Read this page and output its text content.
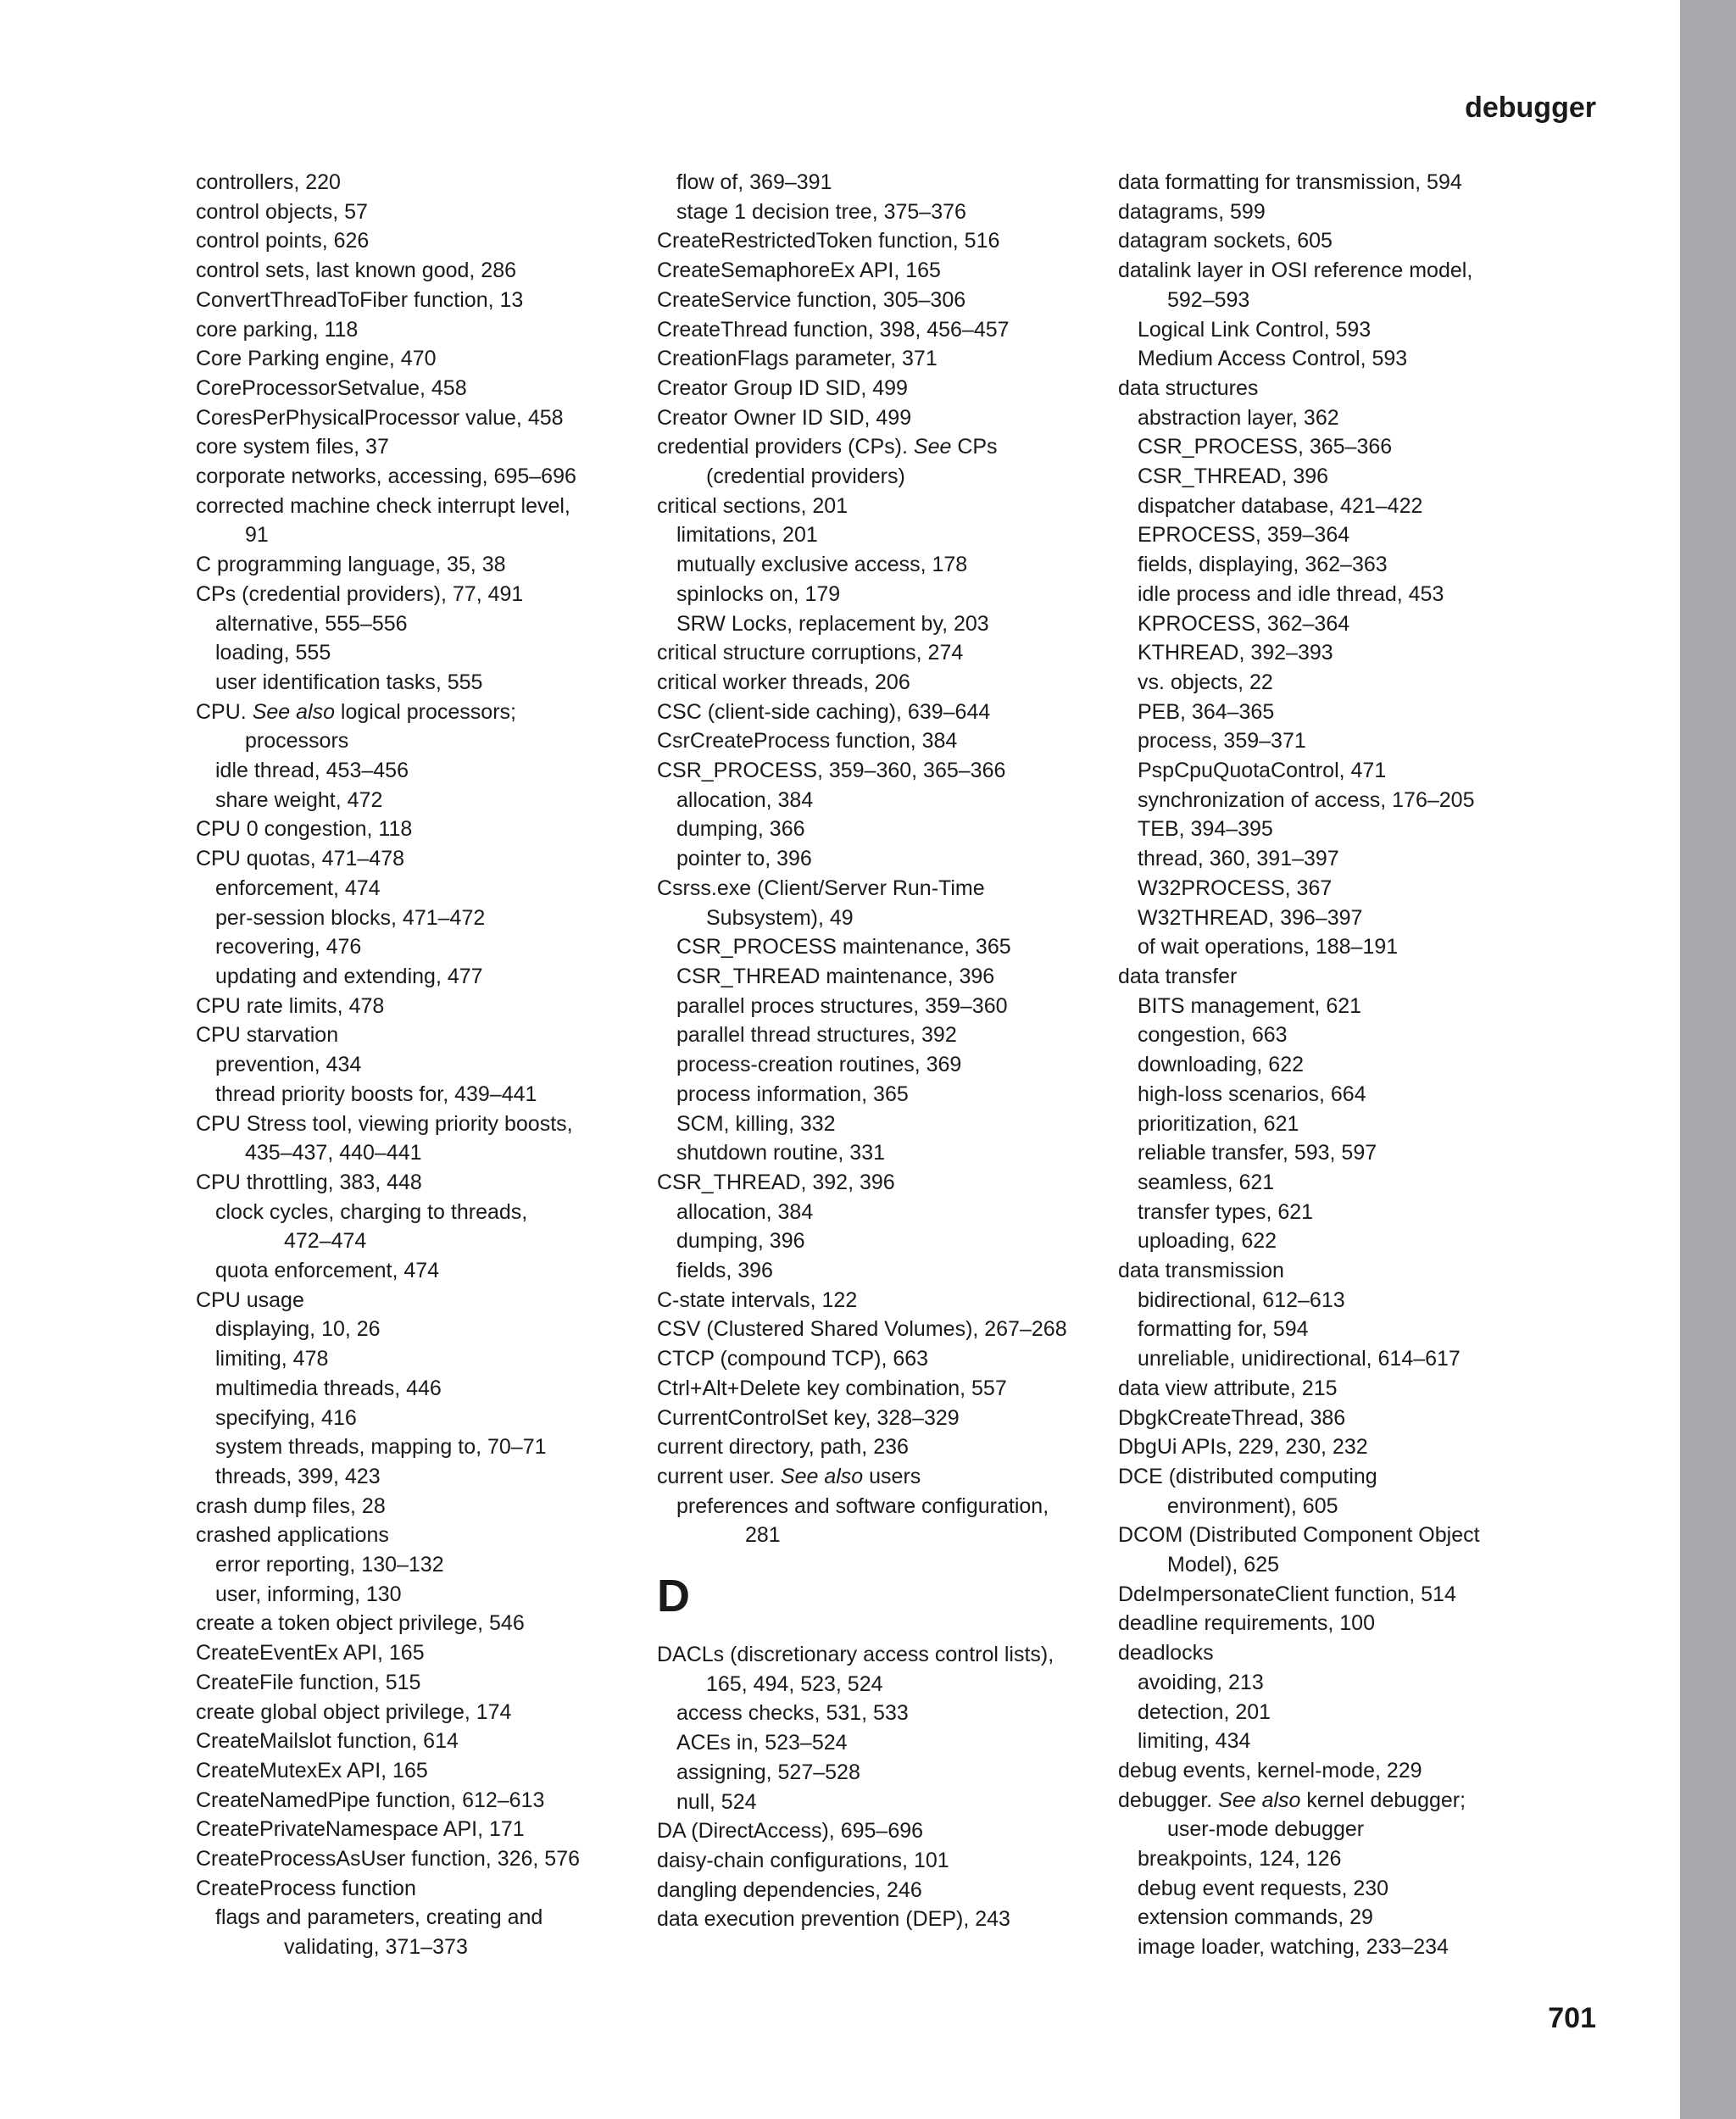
debugger
controllers, 220
control objects, 57
control points, 626
control sets, last known good, 286
ConvertThreadToFiber function, 13
core parking, 118
Core Parking engine, 470
CoreProcessorSetvalue, 458
CoresPerPhysicalProcessor value, 458
core system files, 37
corporate networks, accessing, 695–696
corrected machine check interrupt level,
91
C programming language, 35, 38
CPs (credential providers), 77, 491
alternative, 555–556
loading, 555
user identification tasks, 555
CPU. See also logical processors;
processors
idle thread, 453–456
share weight, 472
CPU 0 congestion, 118
CPU quotas, 471–478
enforcement, 474
per-session blocks, 471–472
recovering, 476
updating and extending, 477
CPU rate limits, 478
CPU starvation
prevention, 434
thread priority boosts for, 439–441
CPU Stress tool, viewing priority boosts,
435–437, 440–441
CPU throttling, 383, 448
clock cycles, charging to threads,
472–474
quota enforcement, 474
CPU usage
displaying, 10, 26
limiting, 478
multimedia threads, 446
specifying, 416
system threads, mapping to, 70–71
threads, 399, 423
crash dump files, 28
crashed applications
error reporting, 130–132
user, informing, 130
create a token object privilege, 546
CreateEventEx API, 165
CreateFile function, 515
create global object privilege, 174
CreateMailslot function, 614
CreateMutexEx API, 165
CreateNamedPipe function, 612–613
CreatePrivateNamespace API, 171
CreateProcessAsUser function, 326, 576
CreateProcess function
flags and parameters, creating and
validating, 371–373
flow of, 369–391
stage 1 decision tree, 375–376
CreateRestrictedToken function, 516
CreateSemaphoreEx API, 165
CreateService function, 305–306
CreateThread function, 398, 456–457
CreationFlags parameter, 371
Creator Group ID SID, 499
Creator Owner ID SID, 499
credential providers (CPs). See CPs
(credential providers)
critical sections, 201
limitations, 201
mutually exclusive access, 178
spinlocks on, 179
SRW Locks, replacement by, 203
critical structure corruptions, 274
critical worker threads, 206
CSC (client-side caching), 639–644
CsrCreateProcess function, 384
CSR_PROCESS, 359–360, 365–366
allocation, 384
dumping, 366
pointer to, 396
Csrss.exe (Client/Server Run-Time
Subsystem), 49
CSR_PROCESS maintenance, 365
CSR_THREAD maintenance, 396
parallel proces structures, 359–360
parallel thread structures, 392
process-creation routines, 369
process information, 365
SCM, killing, 332
shutdown routine, 331
CSR_THREAD, 392, 396
allocation, 384
dumping, 396
fields, 396
C-state intervals, 122
CSV (Clustered Shared Volumes), 267–268
CTCP (compound TCP), 663
Ctrl+Alt+Delete key combination, 557
CurrentControlSet key, 328–329
current directory, path, 236
current user. See also users
preferences and software configuration,
281
D
DACLs (discretionary access control lists),
165, 494, 523, 524
access checks, 531, 533
ACEs in, 523–524
assigning, 527–528
null, 524
DA (DirectAccess), 695–696
daisy-chain configurations, 101
dangling dependencies, 246
data execution prevention (DEP), 243
data formatting for transmission, 594
datagrams, 599
datagram sockets, 605
datalink layer in OSI reference model,
592–593
Logical Link Control, 593
Medium Access Control, 593
data structures
abstraction layer, 362
CSR_PROCESS, 365–366
CSR_THREAD, 396
dispatcher database, 421–422
EPROCESS, 359–364
fields, displaying, 362–363
idle process and idle thread, 453
KPROCESS, 362–364
KTHREAD, 392–393
vs. objects, 22
PEB, 364–365
process, 359–371
PspCpuQuotaControl, 471
synchronization of access, 176–205
TEB, 394–395
thread, 360, 391–397
W32PROCESS, 367
W32THREAD, 396–397
of wait operations, 188–191
data transfer
BITS management, 621
congestion, 663
downloading, 622
high-loss scenarios, 664
prioritization, 621
reliable transfer, 593, 597
seamless, 621
transfer types, 621
uploading, 622
data transmission
bidirectional, 612–613
formatting for, 594
unreliable, unidirectional, 614–617
data view attribute, 215
DbgkCreateThread, 386
DbgUi APIs, 229, 230, 232
DCE (distributed computing
environment), 605
DCOM (Distributed Component Object
Model), 625
DdeImpersonateClient function, 514
deadline requirements, 100
deadlocks
avoiding, 213
detection, 201
limiting, 434
debug events, kernel-mode, 229
debugger. See also kernel debugger;
user-mode debugger
breakpoints, 124, 126
debug event requests, 230
extension commands, 29
image loader, watching, 233–234
701
